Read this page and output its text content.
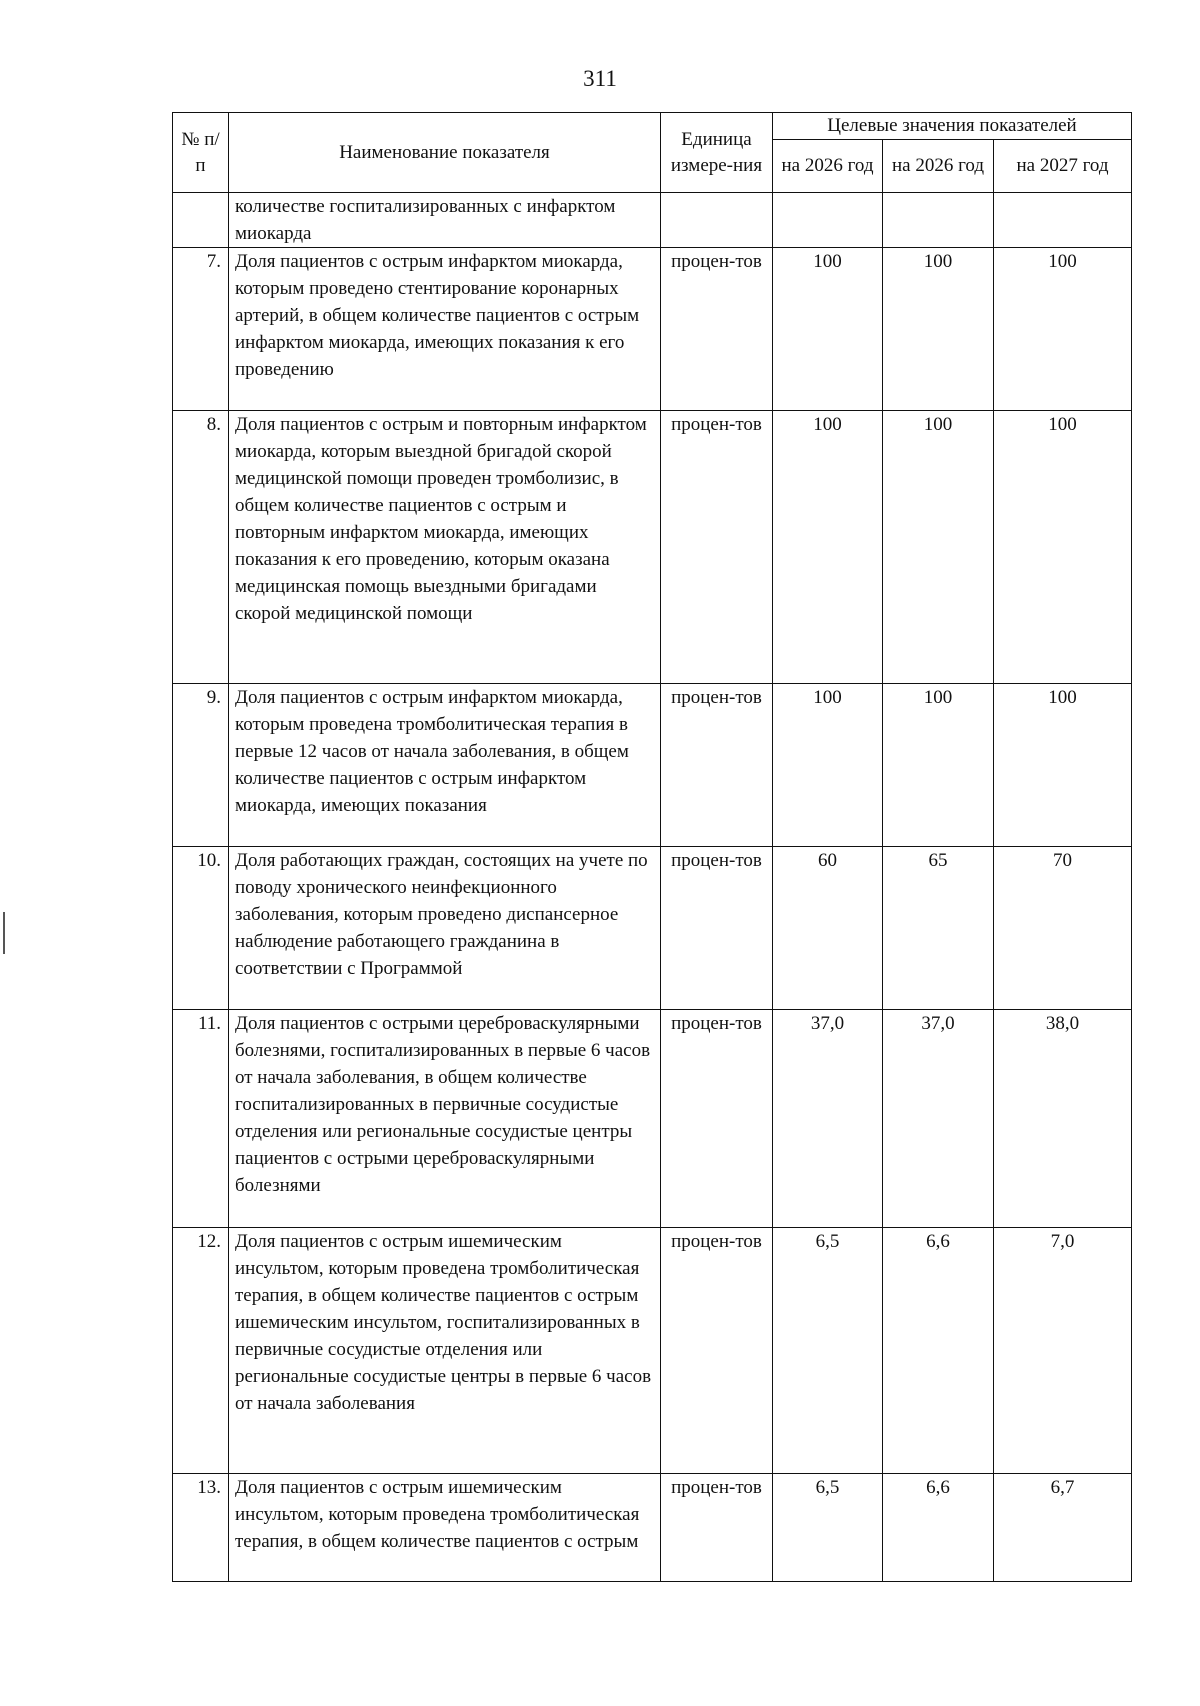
311
№ п/п	Наименование показателя	Единица измере-ния	Целевые значения показателей		
			на 2026 год	на 2026 год	на 2027 год
	количестве госпитализированных с инфарктом миокарда				
7.	Доля пациентов с острым инфарктом миокарда, которым проведено стентирование коронарных артерий, в общем количестве пациентов с острым инфарктом миокарда, имеющих показания к его проведению	процен-тов	100	100	100
8.	Доля пациентов с острым и повторным инфарктом миокарда, которым выездной бригадой скорой медицинской помощи проведен тромболизис, в общем количестве пациентов с острым и повторным инфарктом миокарда, имеющих показания к его проведению, которым оказана медицинская помощь выездными бригадами скорой медицинской помощи	процен-тов	100	100	100
9.	Доля пациентов с острым инфарктом миокарда, которым проведена тромболитическая терапия в первые 12 часов от начала заболевания, в общем количестве пациентов с острым инфарктом миокарда, имеющих показания	процен-тов	100	100	100
10.	Доля работающих граждан, состоящих на учете по поводу хронического неинфекционного заболевания, которым проведено диспансерное наблюдение работающего гражданина в соответствии с Программой	процен-тов	60	65	70
11.	Доля пациентов с острыми цереброваскулярными болезнями, госпитализированных в первые 6 часов от начала заболевания, в общем количестве госпитализированных в первичные сосудистые отделения или региональные сосудистые центры пациентов с острыми цереброваскулярными болезнями	процен-тов	37,0	37,0	38,0
12.	Доля пациентов с острым ишемическим инсультом, которым проведена тромболитическая терапия, в общем количестве пациентов с острым ишемическим инсультом, госпитализированных в первичные сосудистые отделения или региональные сосудистые центры в первые 6 часов от начала заболевания	процен-тов	6,5	6,6	7,0
13.	Доля пациентов с острым ишемическим инсультом, которым проведена тромболитическая терапия, в общем количестве пациентов с острым	процен-тов	6,5	6,6	6,7
